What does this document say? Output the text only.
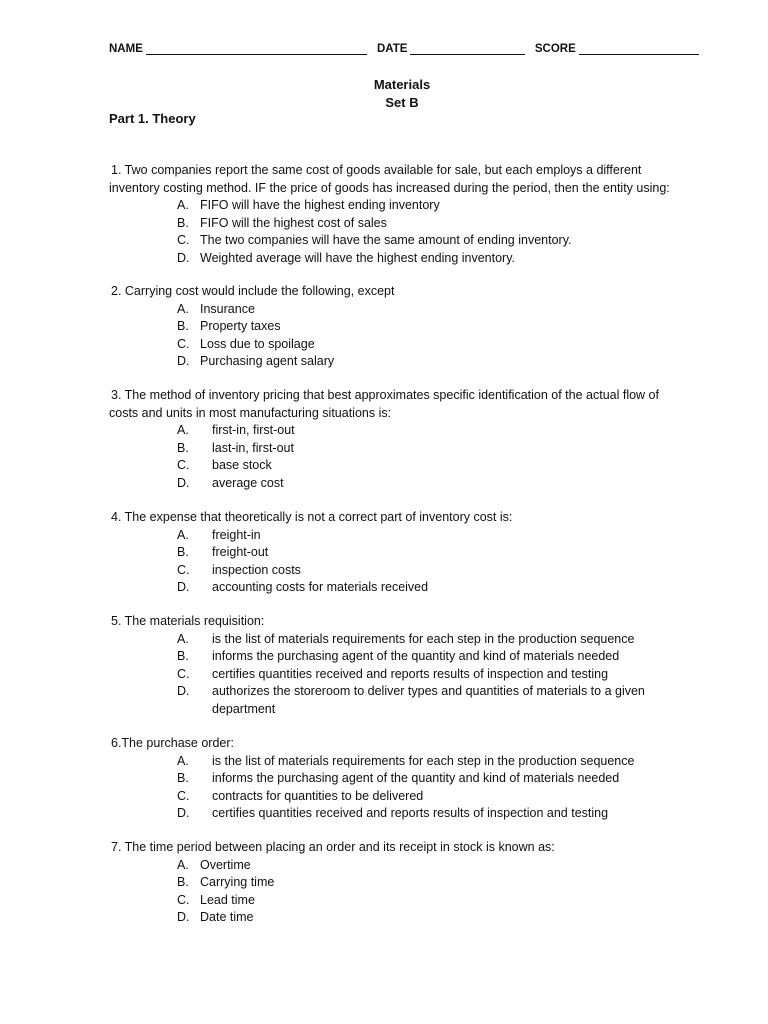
NAME	DATE	SCORE
Materials
Set B
Part 1. Theory
1. Two companies report the same cost of goods available for sale, but each employs a different inventory costing method. IF the price of goods has increased during the period, then the entity using:
A. FIFO will have the highest ending inventory
B. FIFO will the highest cost of sales
C. The two companies will have the same amount of ending inventory.
D. Weighted average will have the highest ending inventory.
2. Carrying cost would include the following, except
A. Insurance
B. Property taxes
C. Loss due to spoilage
D. Purchasing agent salary
3. The method of inventory pricing that best approximates specific identification of the actual flow of costs and units in most manufacturing situations is:
A.	first-in, first-out
B.	last-in, first-out
C.	base stock
D.	average cost
4. The expense that theoretically is not a correct part of inventory cost is:
A.	freight-in
B.	freight-out
C.	inspection costs
D.	accounting costs for materials received
5. The materials requisition:
A.	is the list of materials requirements for each step in the production sequence
B.	informs the purchasing agent of the quantity and kind of materials needed
C.	certifies quantities received and reports results of inspection and testing
D.	authorizes the storeroom to deliver types and quantities of materials to a given department
6.The purchase order:
A.	is the list of materials requirements for each step in the production sequence
B.	informs the purchasing agent of the quantity and kind of materials needed
C.	contracts for quantities to be delivered
D.	certifies quantities received and reports results of inspection and testing
7. The time period between placing an order and its receipt in stock is known as:
A. Overtime
B. Carrying time
C. Lead time
D. Date time
